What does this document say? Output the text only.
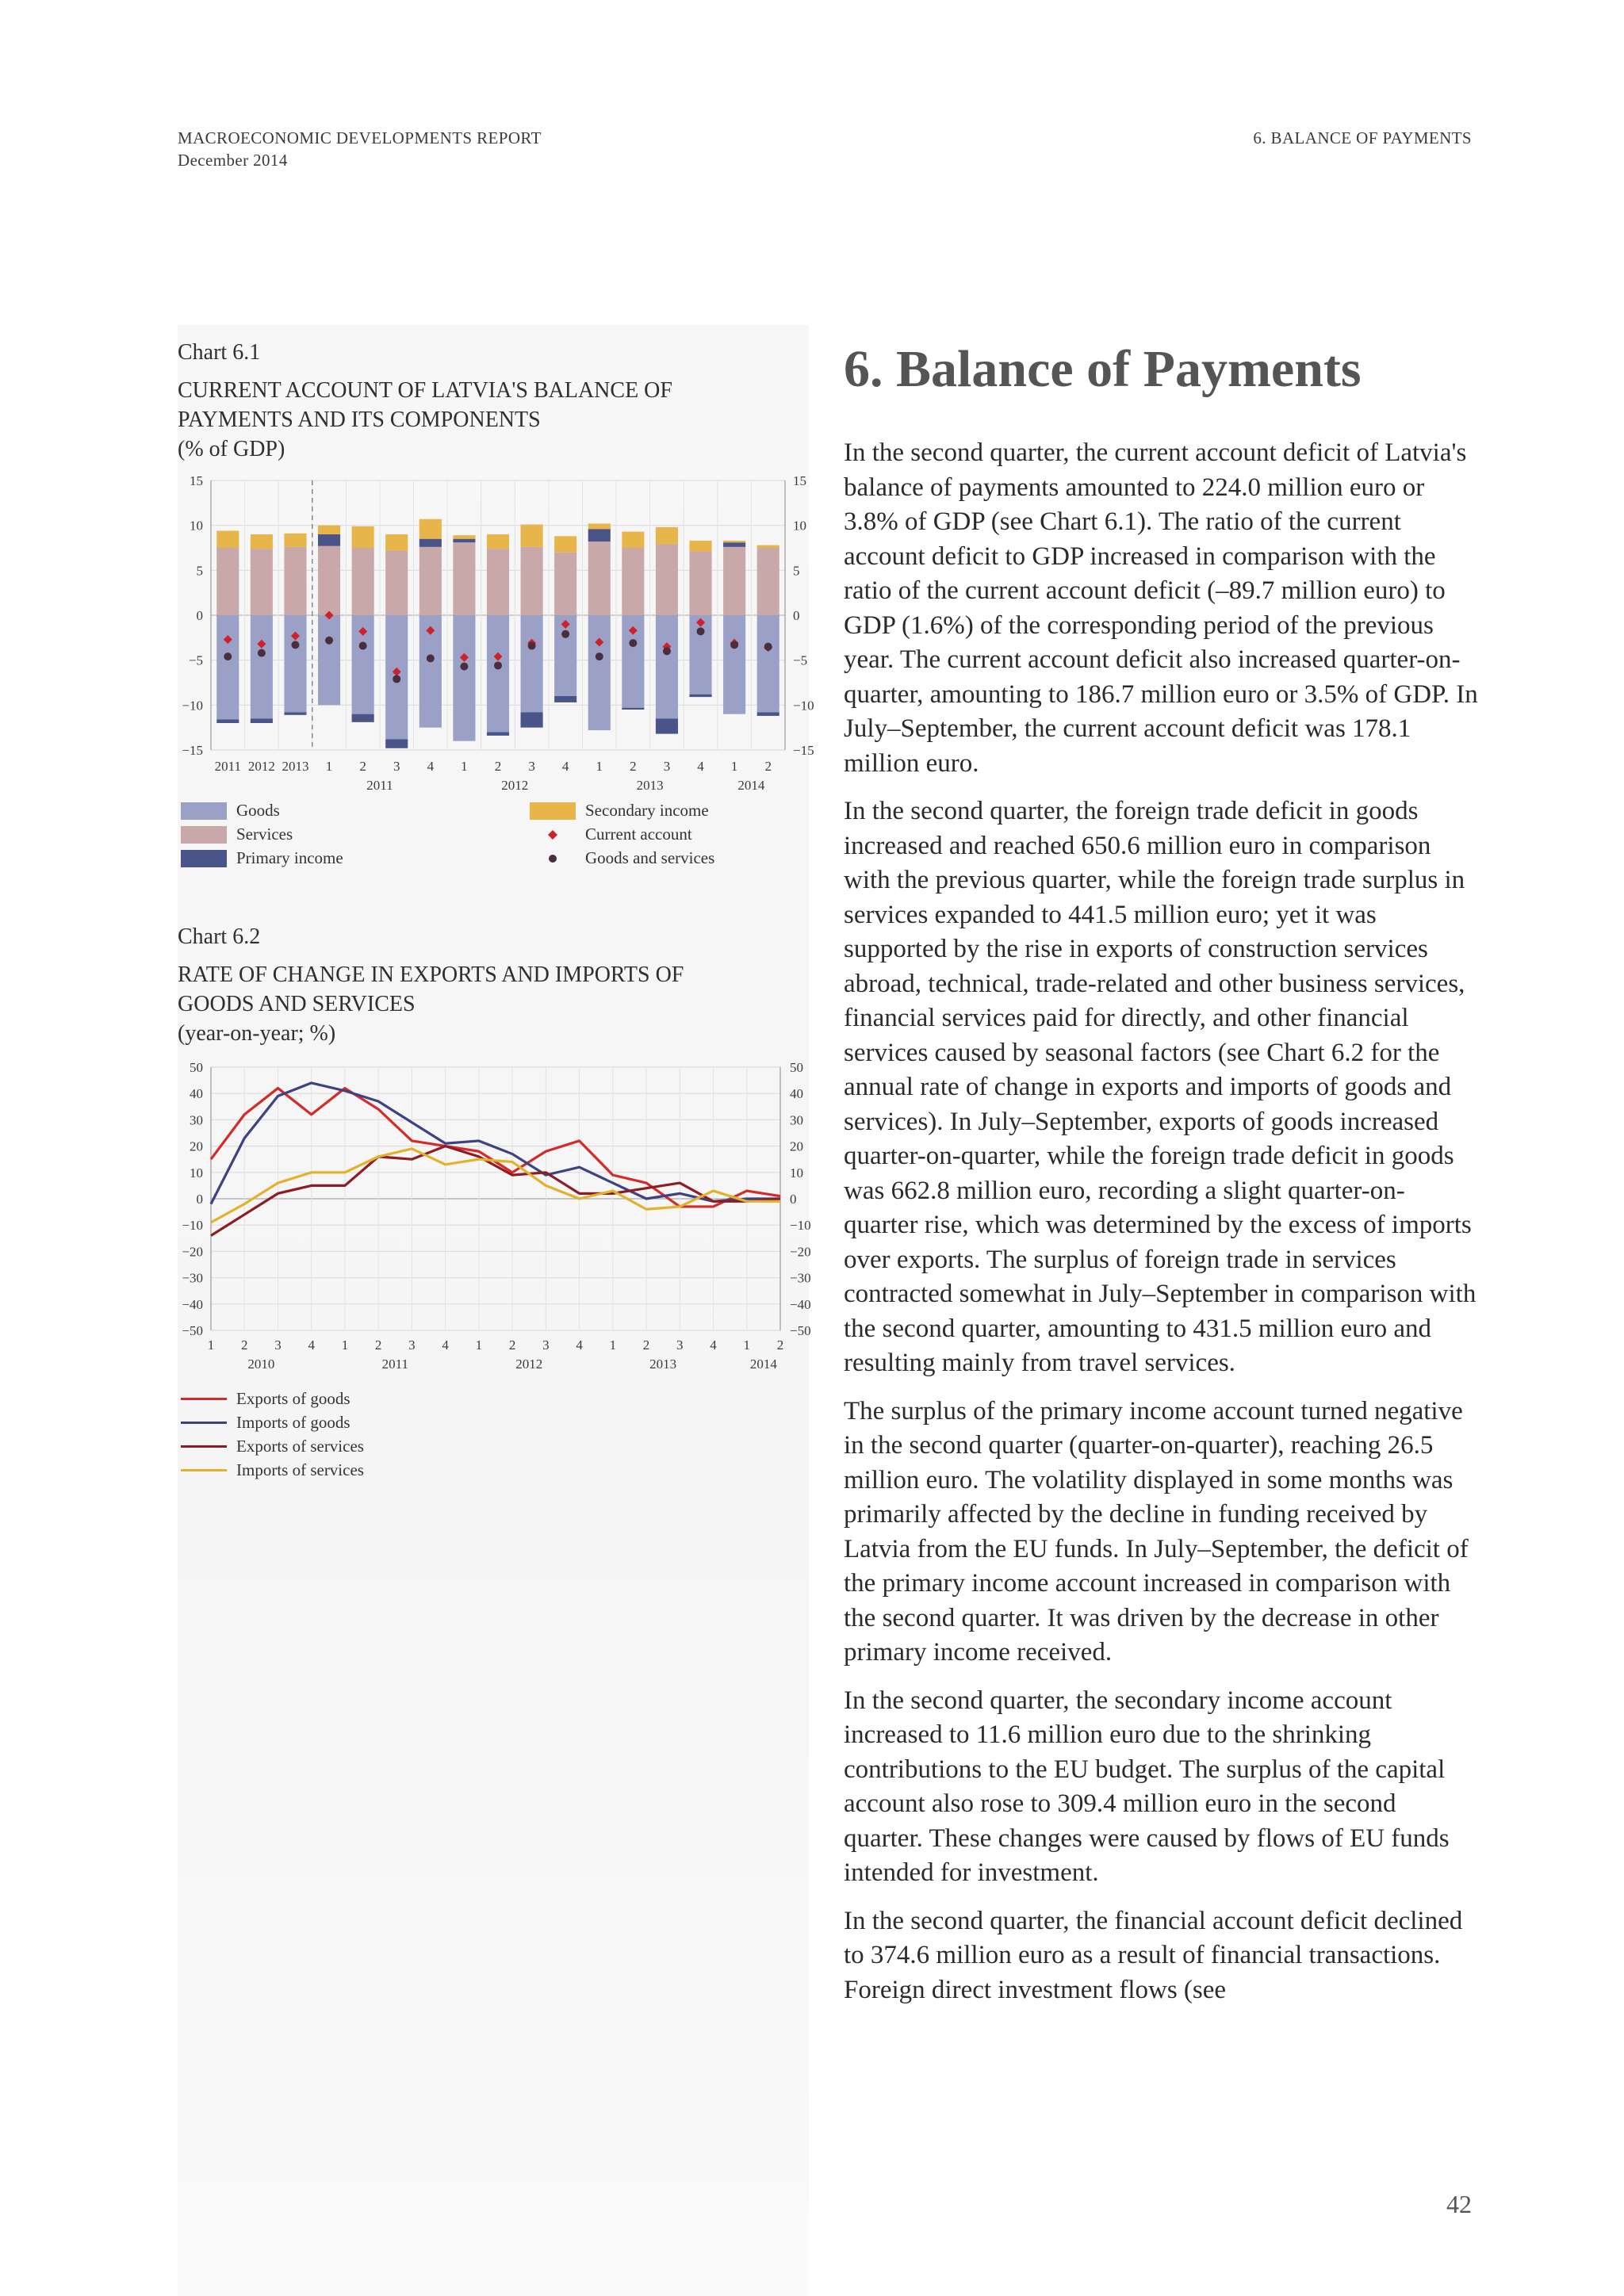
MACROECONOMIC DEVELOPMENTS REPORT
December 2014
6. BALANCE OF PAYMENTS
Chart 6.1
CURRENT ACCOUNT OF LATVIA'S BALANCE OF
PAYMENTS AND ITS COMPONENTS
(% of GDP)
15	15
10	10
5	5
0	0
−5	−5
−10	−10
−15	−15
2011 2012 2013 1 2 3 4 1 2 3 4 1 2 3 4 1 2
2011	2012	2013	2014
Goods
Services
Primary income
Secondary income
Current account
Goods and services
Chart 6.2
RATE OF CHANGE IN EXPORTS AND IMPORTS OF
GOODS AND SERVICES
(year-on-year; %)
50	50
40	40
30	30
20	20
10	10
0	0
−10	−10
−20	−20
−30	−30
−40	−40
−50	−50
1 2 3 4 1 2 3 4 1 2 3 4 1 2 3 4 1 2
2010	2011	2012	2013	2014
Exports of goods
Imports of goods
Exports of services
Imports of services
6. Balance of Payments

In the second quarter, the current account deficit of Latvia's balance of payments amounted to 224.0 million euro or 3.8% of GDP (see Chart 6.1). The ratio of the current account deficit to GDP increased in comparison with the ratio of the current account deficit (–89.7 million euro) to GDP (1.6%) of the corresponding period of the previous year. The current account deficit also increased quarter-on-quarter, amounting to 186.7 million euro or 3.5% of GDP. In July–September, the current account deficit was 178.1 million euro.

In the second quarter, the foreign trade deficit in goods increased and reached 650.6 million euro in comparison with the previous quarter, while the foreign trade surplus in services expanded to 441.5 million euro; yet it was supported by the rise in exports of construction services abroad, technical, trade-related and other business services, financial services paid for directly, and other financial services caused by seasonal factors (see Chart 6.2 for the annual rate of change in exports and imports of goods and services). In July–September, exports of goods increased quarter-on-quarter, while the foreign trade deficit in goods was 662.8 million euro, recording a slight quarter-on-quarter rise, which was determined by the excess of imports over exports. The surplus of foreign trade in services contracted somewhat in July–September in comparison with the second quarter, amounting to 431.5 million euro and resulting mainly from travel services.

The surplus of the primary income account turned negative in the second quarter (quarter-on-quarter), reaching 26.5 million euro. The volatility displayed in some months was primarily affected by the decline in funding received by Latvia from the EU funds. In July–September, the deficit of the primary income account increased in comparison with the second quarter. It was driven by the decrease in other primary income received.

In the second quarter, the secondary income account increased to 11.6 million euro due to the shrinking contributions to the EU budget. The surplus of the capital account also rose to 309.4 million euro in the second quarter. These changes were caused by flows of EU funds intended for investment.

In the second quarter, the financial account deficit declined to 374.6 million euro as a result of financial transactions. Foreign direct investment flows (see

42
